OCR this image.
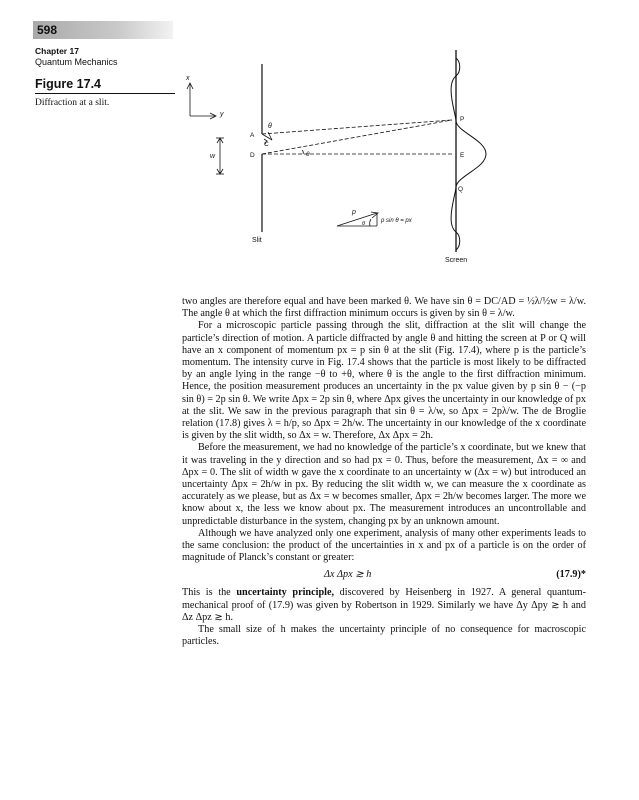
598
Chapter 17
Quantum Mechanics
Figure 17.4
Diffraction at a slit.
x
y
w
A
D
C
θ
θ
Slit
P
E
Q
Screen
p
θ	p sin θ = px

two angles are therefore equal and have been marked θ. We have sin θ = DC/AD = ½λ/½w = λ/w. The angle θ at which the first diffraction minimum occurs is given by sin θ = λ/w.

For a microscopic particle passing through the slit, diffraction at the slit will change the particle’s direction of motion. A particle diffracted by angle θ and hitting the screen at P or Q will have an x component of momentum px = p sin θ at the slit (Fig. 17.4), where p is the particle’s momentum. The intensity curve in Fig. 17.4 shows that the particle is most likely to be diffracted by an angle lying in the range −θ to +θ, where θ is the angle to the first diffraction minimum. Hence, the position measurement produces an uncertainty in the px value given by p sin θ − (−p sin θ) = 2p sin θ. We write Δpx = 2p sin θ, where Δpx gives the uncertainty in our knowledge of px at the slit. We saw in the previous paragraph that sin θ = λ/w, so Δpx = 2pλ/w. The de Broglie relation (17.8) gives λ = h/p, so Δpx = 2h/w. The uncertainty in our knowledge of the x coordinate is given by the slit width, so Δx = w. Therefore, Δx Δpx = 2h.

Before the measurement, we had no knowledge of the particle’s x coordinate, but we knew that it was traveling in the y direction and so had px = 0. Thus, before the measurement, Δx = ∞ and Δpx = 0. The slit of width w gave the x coordinate to an uncertainty w (Δx = w) but introduced an uncertainty Δpx = 2h/w in px. By reducing the slit width w, we can measure the x coordinate as accurately as we please, but as Δx = w becomes smaller, Δpx = 2h/w becomes larger. The more we know about x, the less we know about px. The measurement introduces an uncontrollable and unpredictable disturbance in the system, changing px by an unknown amount.

Although we have analyzed only one experiment, analysis of many other experiments leads to the same conclusion: the product of the uncertainties in x and px of a particle is on the order of magnitude of Planck’s constant or greater:

Δx Δpx ≳ h	(17.9)*

This is the uncertainty principle, discovered by Heisenberg in 1927. A general quantum-mechanical proof of (17.9) was given by Robertson in 1929. Similarly we have Δy Δpy ≳ h and Δz Δpz ≳ h.

The small size of h makes the uncertainty principle of no consequence for macroscopic particles.
